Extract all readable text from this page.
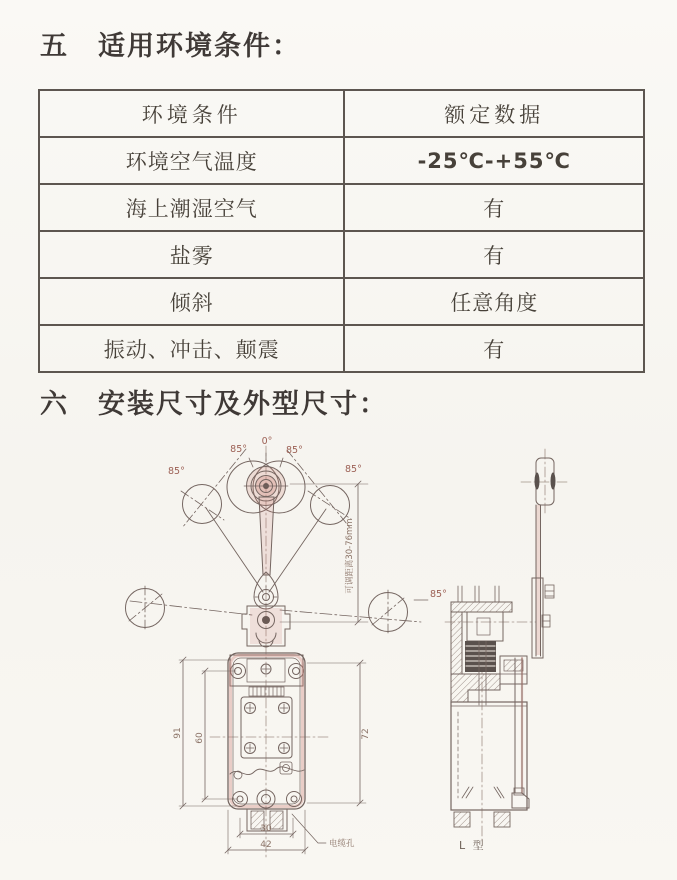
五　适用环境条件：
环境条件	额定数据
环境空气温度	-25℃-+55℃
海上潮湿空气	有
盐雾	有
倾斜	任意角度
振动、冲击、颠震	有
六　安装尺寸及外型尺寸：
85°
0°
85°
85°	85°
可调距离30-76mm
91 60	72
30
42	电缆孔
85°
L 型
